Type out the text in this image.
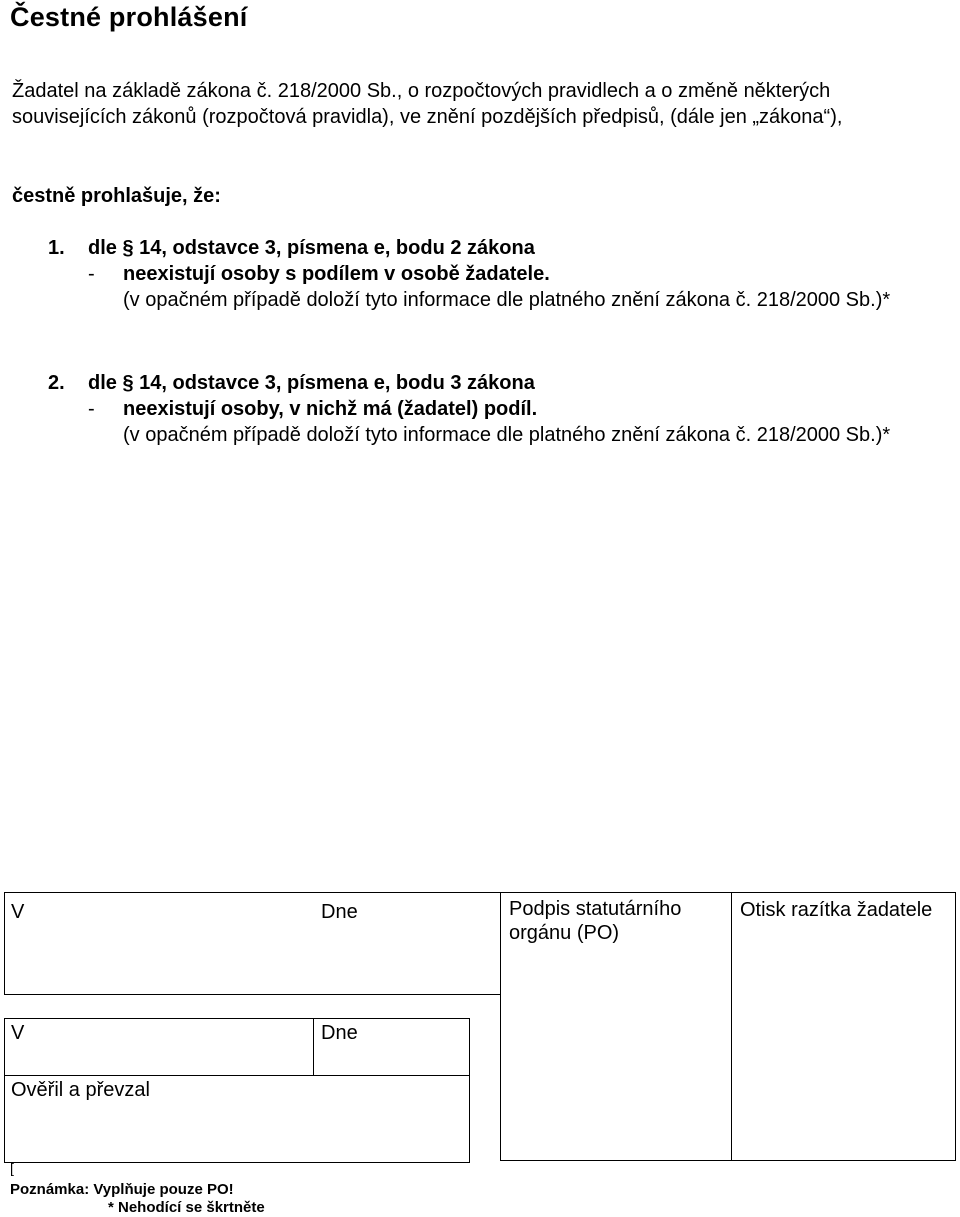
Čestné prohlášení

Žadatel na základě zákona č. 218/2000 Sb., o rozpočtových pravidlech a o změně některých souvisejících zákonů (rozpočtová pravidla), ve znění pozdějších předpisů, (dále jen „zákona“),

čestně prohlašuje, že:

1. dle § 14, odstavce 3, písmena e, bodu 2 zákona
- neexistují osoby s podílem v osobě žadatele.
(v opačném případě doloží tyto informace dle platného znění zákona č. 218/2000 Sb.)*
2. dle § 14, odstavce 3, písmena e, bodu 3 zákona
- neexistují osoby, v nichž má (žadatel) podíl.
(v opačném případě doloží tyto informace dle platného znění zákona č. 218/2000 Sb.)*
V	Dne	Podpis statutárního orgánu (PO)
Otisk razítka žadatele
V	Dne
Ověřil a převzal
[
Poznámka: Vyplňuje pouze PO!
* Nehodící se škrtněte
